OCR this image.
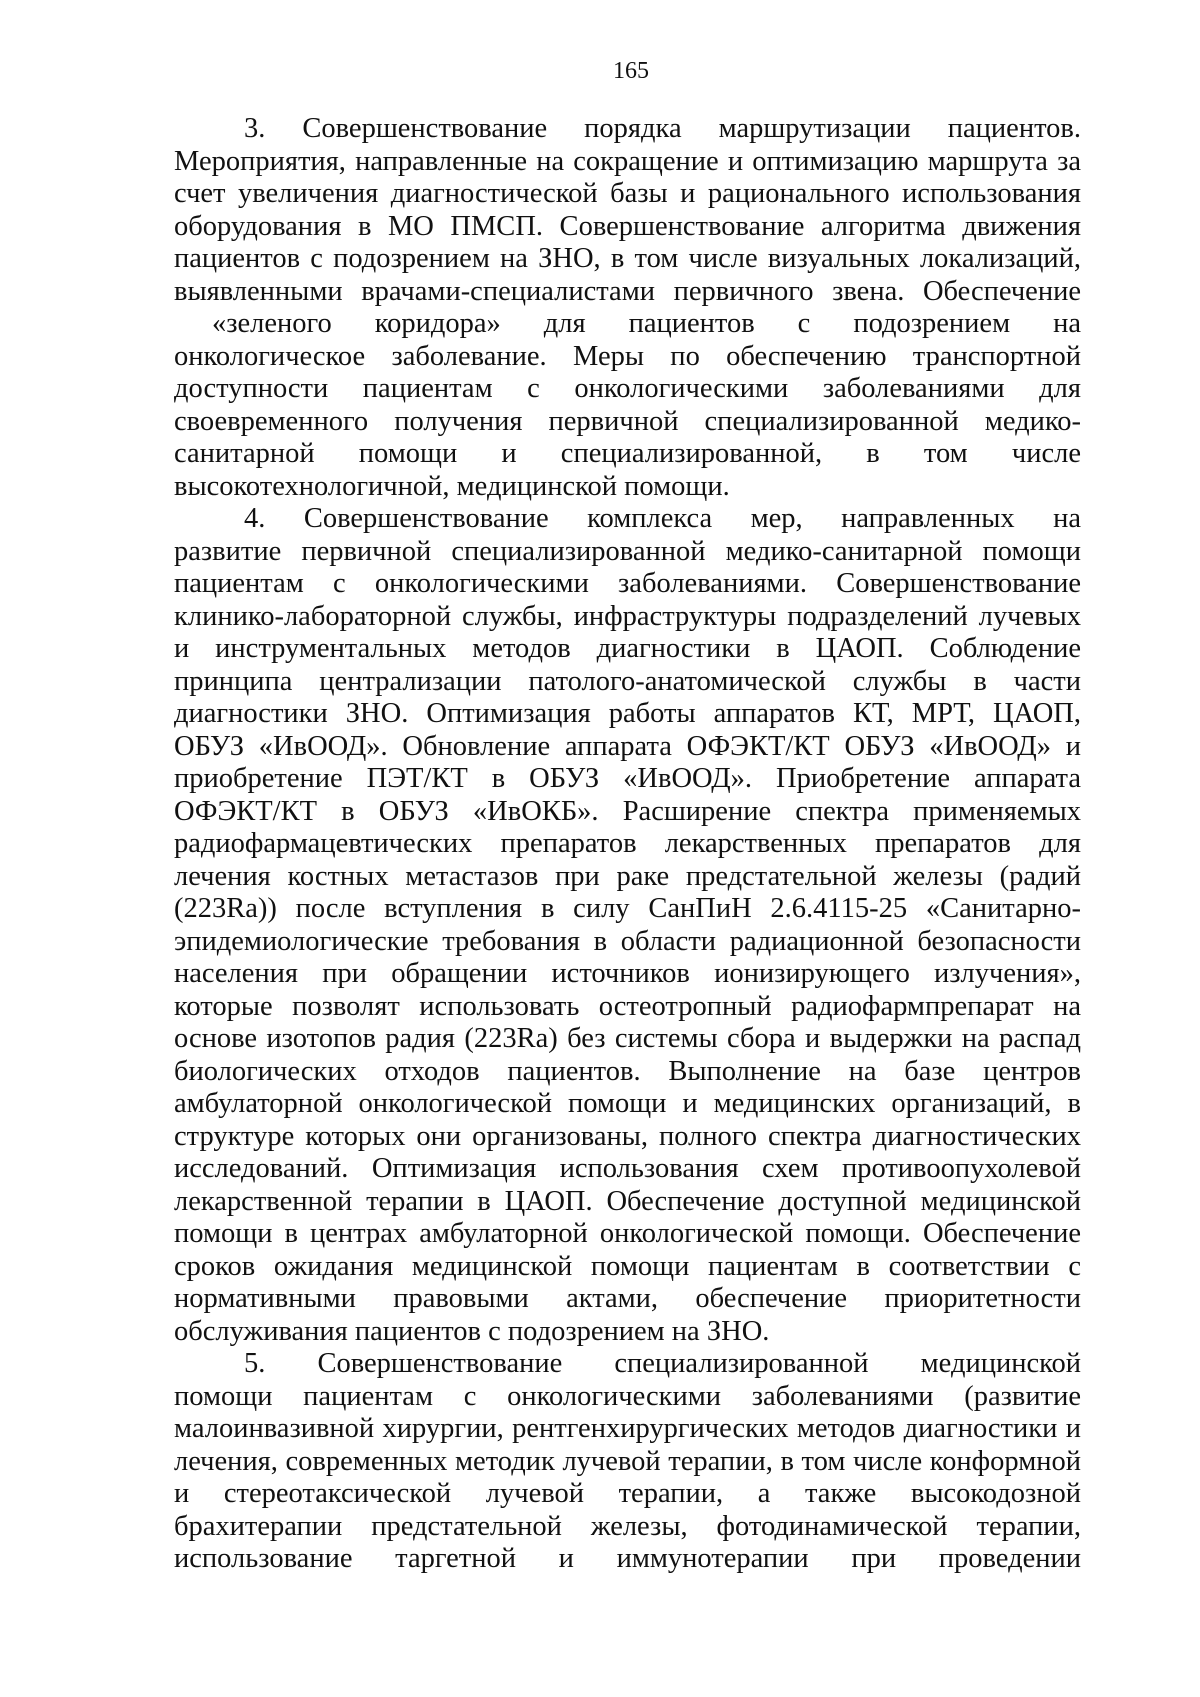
165
3. Совершенствование порядка маршрутизации пациентов.
Мероприятия, направленные на сокращение и оптимизацию маршрута за
счет увеличения диагностической базы и рационального использования
оборудования в МО ПМСП. Совершенствование алгоритма движения
пациентов с подозрением на ЗНО, в том числе визуальных локализаций,
выявленными врачами-специалистами первичного звена. Обеспечение
«зеленого коридора» для пациентов с подозрением на
онкологическое заболевание. Меры по обеспечению транспортной
доступности пациентам с онкологическими заболеваниями для
своевременного получения первичной специализированной медико-
санитарной помощи и специализированной, в том числе
высокотехнологичной, медицинской помощи.
4. Совершенствование комплекса мер, направленных на
развитие первичной специализированной медико-санитарной помощи
пациентам с онкологическими заболеваниями. Совершенствование
клинико-лабораторной службы, инфраструктуры подразделений лучевых
и инструментальных методов диагностики в ЦАОП. Соблюдение
принципа централизации патолого-анатомической службы в части
диагностики ЗНО. Оптимизация работы аппаратов КТ, МРТ, ЦАОП,
ОБУЗ «ИвООД». Обновление аппарата ОФЭКТ/КТ ОБУЗ «ИвООД» и
приобретение ПЭТ/КТ в ОБУЗ «ИвООД». Приобретение аппарата
ОФЭКТ/КТ в ОБУЗ «ИвОКБ». Расширение спектра применяемых
радиофармацевтических препаратов лекарственных препаратов для
лечения костных метастазов при раке предстательной железы (радий
(223Ra)) после вступления в силу СанПиН 2.6.4115-25 «Санитарно-
эпидемиологические требования в области радиационной безопасности
населения при обращении источников ионизирующего излучения»,
которые позволят использовать остеотропный радиофармпрепарат на
основе изотопов радия (223Ra) без системы сбора и выдержки на распад
биологических отходов пациентов. Выполнение на базе центров
амбулаторной онкологической помощи и медицинских организаций, в
структуре которых они организованы, полного спектра диагностических
исследований. Оптимизация использования схем противоопухолевой
лекарственной терапии в ЦАОП. Обеспечение доступной медицинской
помощи в центрах амбулаторной онкологической помощи. Обеспечение
сроков ожидания медицинской помощи пациентам в соответствии с
нормативными правовыми актами, обеспечение приоритетности
обслуживания пациентов с подозрением на ЗНО.
5. Совершенствование специализированной медицинской
помощи пациентам с онкологическими заболеваниями (развитие
малоинвазивной хирургии, рентгенхирургических методов диагностики и
лечения, современных методик лучевой терапии, в том числе конформной
и стереотаксической лучевой терапии, а также высокодозной
брахитерапии предстательной железы, фотодинамической терапии,
использование таргетной и иммунотерапии при проведении
